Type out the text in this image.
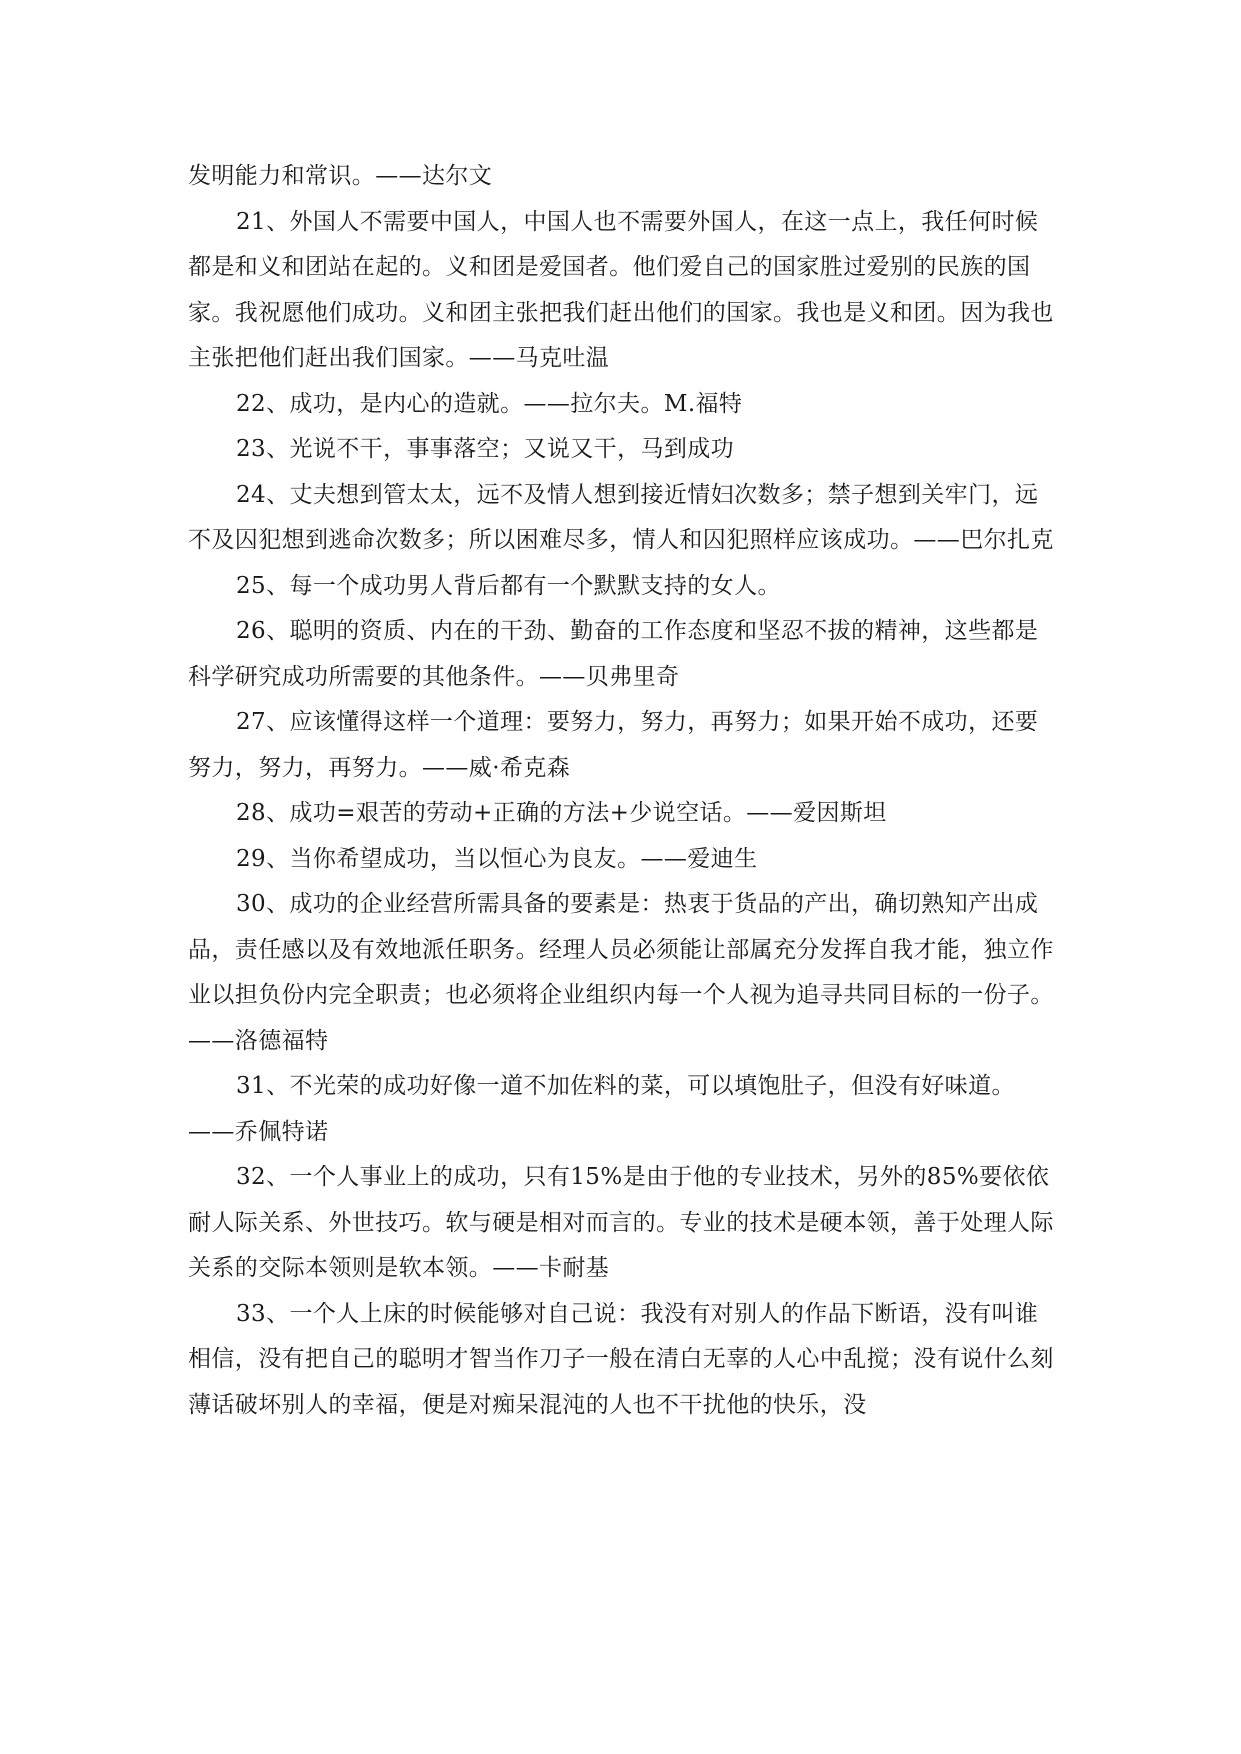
发明能力和常识。——达尔文

21、外国人不需要中国人，中国人也不需要外国人，在这一点上，我任何时候都是和义和团站在起的。义和团是爱国者。他们爱自己的国家胜过爱别的民族的国家。我祝愿他们成功。义和团主张把我们赶出他们的国家。我也是义和团。因为我也主张把他们赶出我们国家。——马克吐温

22、成功，是内心的造就。——拉尔夫。M.福特

23、光说不干，事事落空；又说又干，马到成功

24、丈夫想到管太太，远不及情人想到接近情妇次数多；禁子想到关牢门，远不及囚犯想到逃命次数多；所以困难尽多，情人和囚犯照样应该成功。——巴尔扎克

25、每一个成功男人背后都有一个默默支持的女人。

26、聪明的资质、内在的干劲、勤奋的工作态度和坚忍不拔的精神，这些都是科学研究成功所需要的其他条件。——贝弗里奇

27、应该懂得这样一个道理：要努力，努力，再努力；如果开始不成功，还要努力，努力，再努力。——威·希克森

28、成功=艰苦的劳动+正确的方法+少说空话。——爱因斯坦

29、当你希望成功，当以恒心为良友。——爱迪生

30、成功的企业经营所需具备的要素是：热衷于货品的产出，确切熟知产出成品，责任感以及有效地派任职务。经理人员必须能让部属充分发挥自我才能，独立作业以担负份内完全职责；也必须将企业组织内每一个人视为追寻共同目标的一份子。——洛德福特

31、不光荣的成功好像一道不加佐料的菜，可以填饱肚子，但没有好味道。——乔佩特诺

32、一个人事业上的成功，只有15%是由于他的专业技术，另外的85%要依依耐人际关系、外世技巧。软与硬是相对而言的。专业的技术是硬本领，善于处理人际关系的交际本领则是软本领。——卡耐基

33、一个人上床的时候能够对自己说：我没有对别人的作品下断语，没有叫谁相信，没有把自己的聪明才智当作刀子一般在清白无辜的人心中乱搅；没有说什么刻薄话破坏别人的幸福，便是对痴呆混沌的人也不干扰他的快乐，没
